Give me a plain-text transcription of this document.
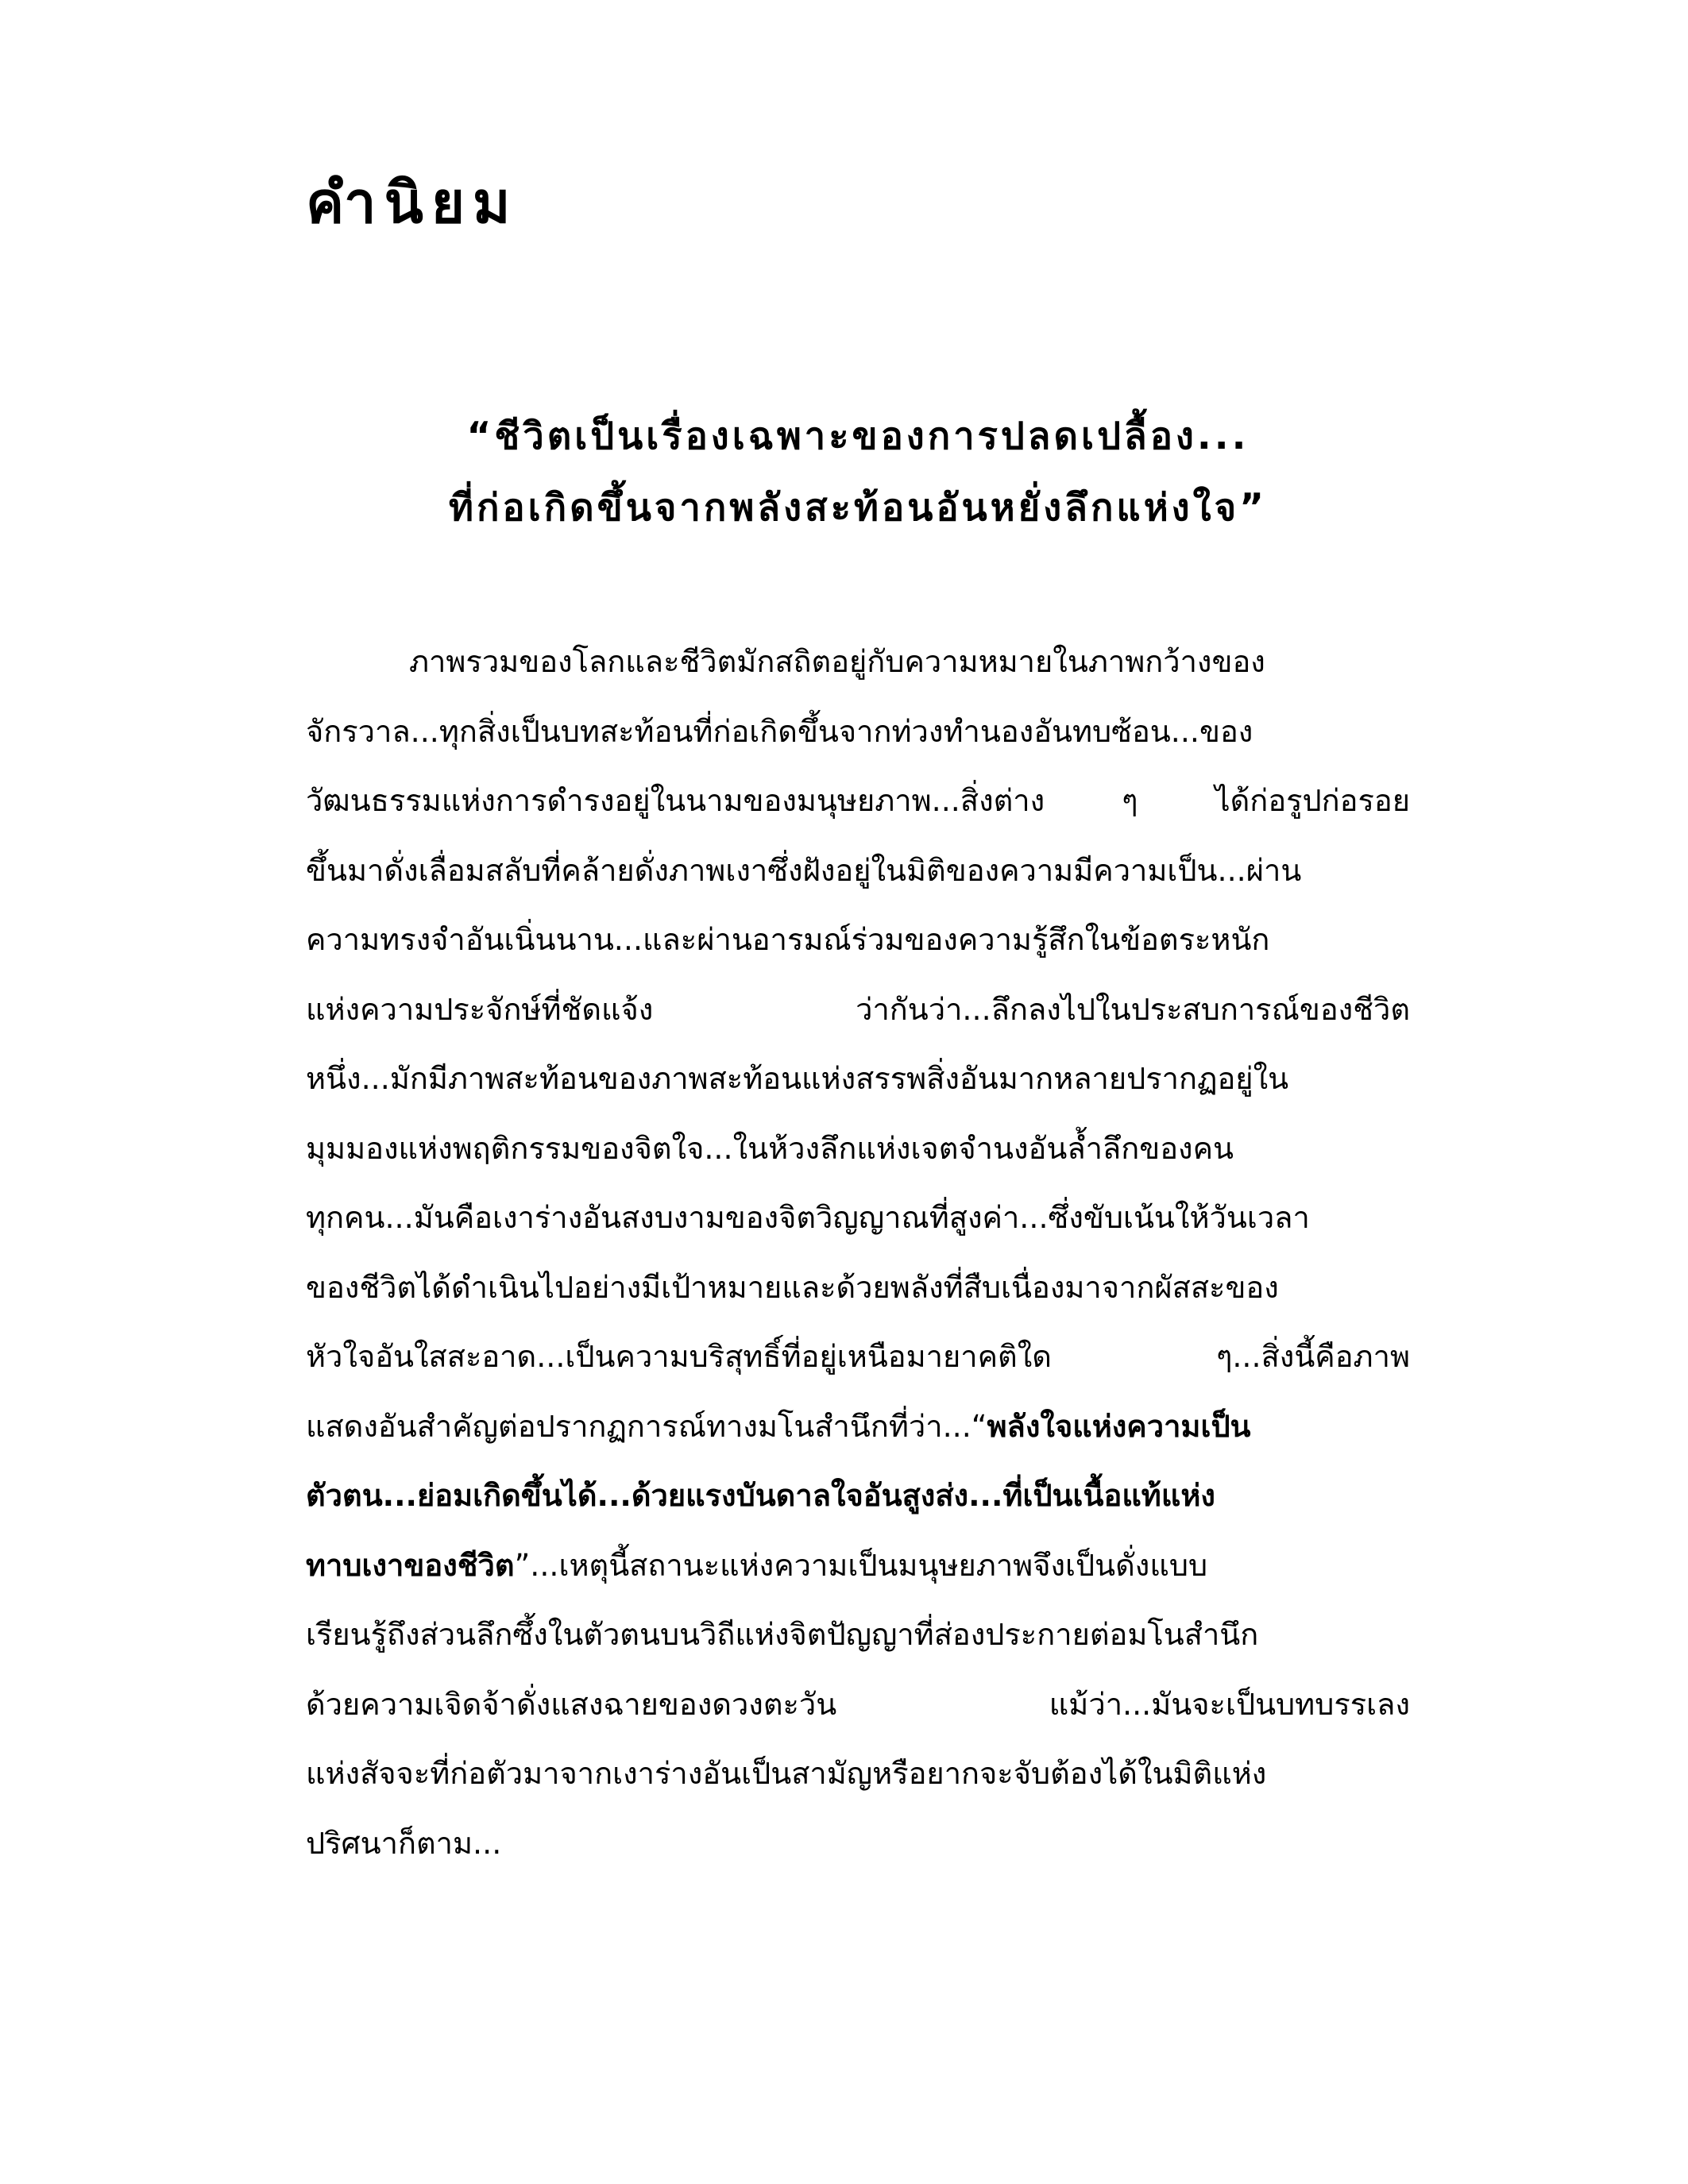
คำนิยม

“ชีวิตเป็นเรื่องเฉพาะของการปลดเปลื้อง...
ที่ก่อเกิดขึ้นจากพลังสะท้อนอันหยั่งลึกแห่งใจ”

ภาพรวมของโลกและชีวิตมักสถิตอยู่กับความหมายในภาพกว้างของ
จักรวาล...ทุกสิ่งเป็นบทสะท้อนที่ก่อเกิดขึ้นจากท่วงทำนองอันทบซ้อน...ของ
วัฒนธรรมแห่งการดำรงอยู่ในนามของมนุษยภาพ...สิ่งต่าง ๆ ได้ก่อรูปก่อรอย
ขึ้นมาดั่งเลื่อมสลับที่คล้ายดั่งภาพเงาซึ่งฝังอยู่ในมิติของความมีความเป็น...ผ่าน
ความทรงจำอันเนิ่นนาน...และผ่านอารมณ์ร่วมของความรู้สึกในข้อตระหนัก
แห่งความประจักษ์ที่ชัดแจ้ง ว่ากันว่า...ลึกลงไปในประสบการณ์ของชีวิต
หนึ่ง...มักมีภาพสะท้อนของภาพสะท้อนแห่งสรรพสิ่งอันมากหลายปรากฏอยู่ใน
มุมมองแห่งพฤติกรรมของจิตใจ...ในห้วงลึกแห่งเจตจำนงอันล้ำลึกของคน
ทุกคน...มันคือเงาร่างอันสงบงามของจิตวิญญาณที่สูงค่า...ซึ่งขับเน้นให้วันเวลา
ของชีวิตได้ดำเนินไปอย่างมีเป้าหมายและด้วยพลังที่สืบเนื่องมาจากผัสสะของ
หัวใจอันใสสะอาด...เป็นความบริสุทธิ์ที่อยู่เหนือมายาคติใด ๆ...สิ่งนี้คือภาพ
แสดงอันสำคัญต่อปรากฏการณ์ทางมโนสำนึกที่ว่า...“พลังใจแห่งความเป็น
ตัวตน...ย่อมเกิดขึ้นได้...ด้วยแรงบันดาลใจอันสูงส่ง...ที่เป็นเนื้อแท้แห่ง
ทาบเงาของชีวิต”...เหตุนี้สถานะแห่งความเป็นมนุษยภาพจึงเป็นดั่งแบบ
เรียนรู้ถึงส่วนลึกซึ้งในตัวตนบนวิถีแห่งจิตปัญญาที่ส่องประกายต่อมโนสำนึก
ด้วยความเจิดจ้าดั่งแสงฉายของดวงตะวัน แม้ว่า...มันจะเป็นบทบรรเลง
แห่งสัจจะที่ก่อตัวมาจากเงาร่างอันเป็นสามัญหรือยากจะจับต้องได้ในมิติแห่ง
ปริศนาก็ตาม...
